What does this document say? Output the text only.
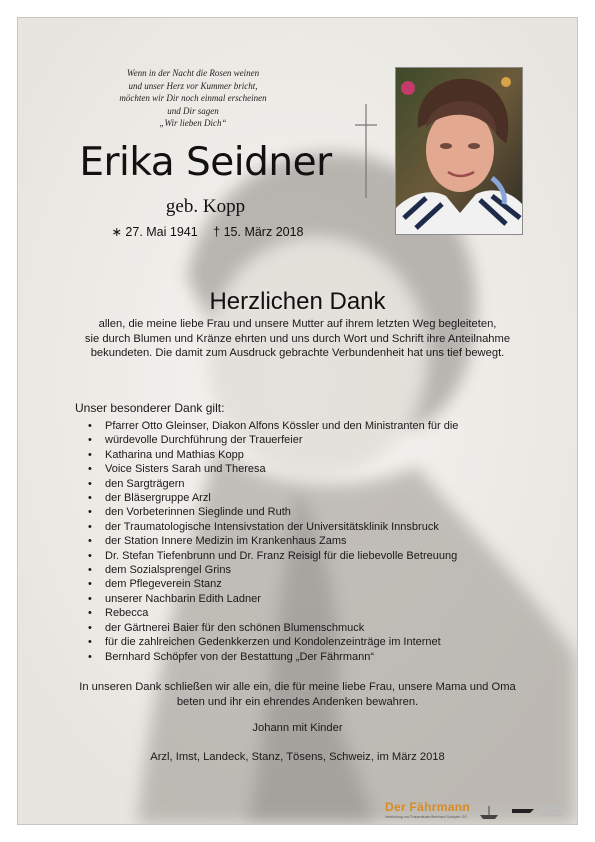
Wenn in der Nacht die Rosen weinen
und unser Herz vor Kummer bricht,
möchten wir Dir noch einmal erscheinen
und Dir sagen
„Wir lieben Dich“
Erika Seidner
geb. Kopp
∗ 27. Mai 1941 † 15. März 2018
Herzlichen Dank
allen, die meine liebe Frau und unsere Mutter auf ihrem letzten Weg begleiteten,
sie durch Blumen und Kränze ehrten und uns durch Wort und Schrift ihre Anteilnahme
bekundeten. Die damit zum Ausdruck gebrachte Verbundenheit hat uns tief bewegt.
Unser besonderer Dank gilt:
• Pfarrer Otto Gleinser, Diakon Alfons Kössler und den Ministranten für die
• würdevolle Durchführung der Trauerfeier
• Katharina und Mathias Kopp
• Voice Sisters Sarah und Theresa
• den Sargträgern
• der Bläsergruppe Arzl
• den Vorbeterinnen Sieglinde und Ruth
• der Traumatologische Intensivstation der Universitätsklinik Innsbruck
• der Station Innere Medizin im Krankenhaus Zams
• Dr. Stefan Tiefenbrunn und Dr. Franz Reisigl für die liebevolle Betreuung
• dem Sozialsprengel Grins
• dem Pflegeverein Stanz
• unserer Nachbarin Edith Ladner
• Rebecca
• der Gärtnerei Baier für den schönen Blumenschmuck
• für die zahlreichen Gedenkkerzen und Kondolenzeinträge im Internet
• Bernhard Schöpfer von der Bestattung „Der Fährmann“
In unseren Dank schließen wir alle ein, die für meine liebe Frau, unsere Mama und Oma
beten und ihr ein ehrendes Andenken bewahren.
Johann mit Kinder
Arzl, Imst, Landeck, Stanz, Tösens, Schweiz, im März 2018
Der Fährmann
Verbindung und Trauerrituale Bernhard Schöpfer OG
